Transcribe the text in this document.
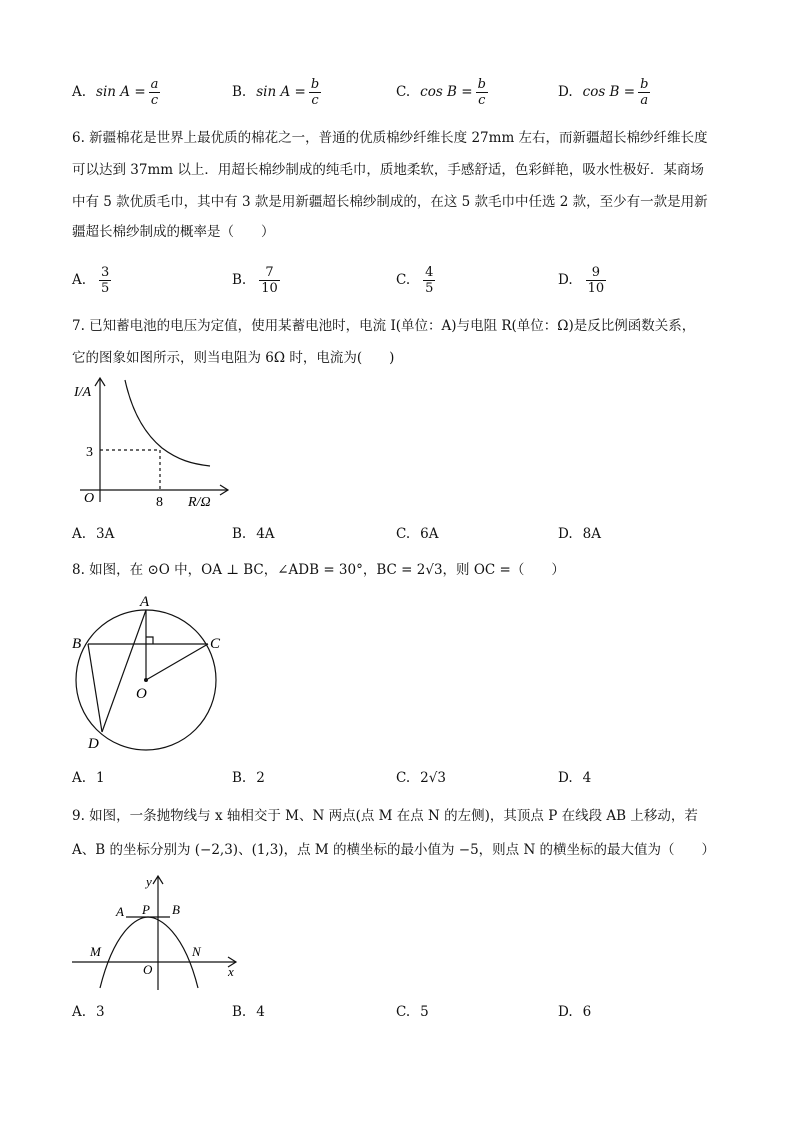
A. $\sin A = \frac{a}{c}$	B. $\sin A = \frac{b}{c}$	C. $\cos B = \frac{b}{c}$	D. $\cos B = \frac{b}{a}$
6. 新疆棉花是世界上最优质的棉花之一，普通的优质棉纱纤维长度 27mm 左右，而新疆超长棉纱纤维长度
可以达到 37mm 以上．用超长棉纱制成的纯毛巾，质地柔软，手感舒适，色彩鲜艳，吸水性极好．某商场
中有 5 款优质毛巾，其中有 3 款是用新疆超长棉纱制成的，在这 5 款毛巾中任选 2 款，至少有一款是用新
疆超长棉纱制成的概率是（　　）
A. $\frac{3}{5}$	B. $\frac{7}{10}$	C. $\frac{4}{5}$	D. $\frac{9}{10}$
7. 已知蓄电池的电压为定值，使用某蓄电池时，电流 I(单位：A)与电阻 R(单位：Ω)是反比例函数关系，
它的图象如图所示，则当电阻为 6Ω 时，电流为(　　)
I/A
R/Ω
O
3
8
A. 3A	B. 4A	C. 6A	D. 8A
8. 如图，在 ⊙O 中，OA ⊥ BC，∠ADB = 30°，BC = 2√3，则 OC =（　　）
A
B	C
O
D
A. 1	B. 2	C. 2√3	D. 4
9. 如图，一条抛物线与 x 轴相交于 M、N 两点(点 M 在点 N 的左侧)，其顶点 P 在线段 AB 上移动，若
A、B 的坐标分别为 (−2,3)、(1,3)，点 M 的横坐标的最小值为 −5，则点 N 的横坐标的最大值为（　　）
y
x
O
A P B
M	N
A. 3	B. 4	C. 5	D. 6
